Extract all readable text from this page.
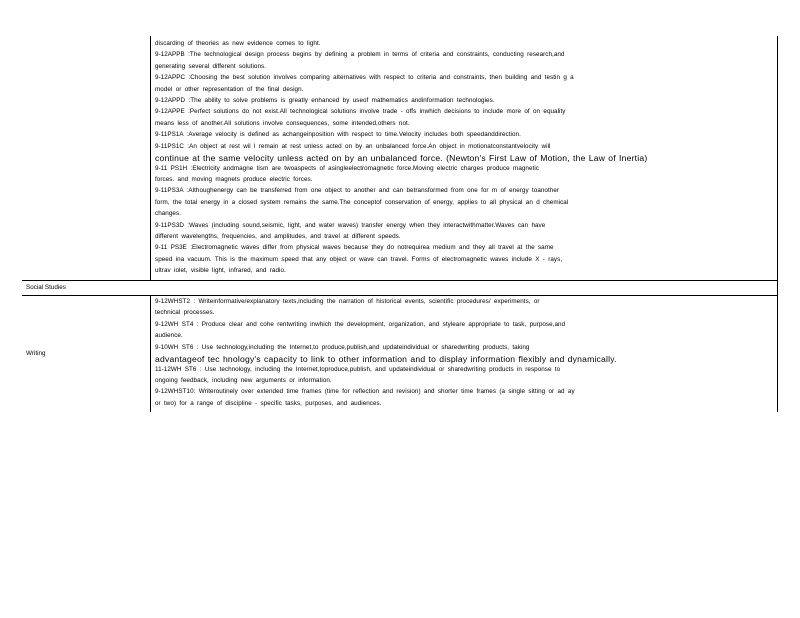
discarding of theories as new evidence comes to light.
9-12APPB :The technological design process begins by defining a problem in terms of criteria and constraints, conducting research,and
generating several different solutions.
9-12APPC :Choosing the best solution involves comparing alternatives with respect to criteria and constraints, then building and testin g a
model or other representation of the final design.
9-12APPD :The ability to solve problems is greatly enhanced by useof mathematics andinformation technologies.
9-12APPE :Perfect solutions do not exist.All technological solutions involve trade - offs inwhich decisions to include more of on equality
means less of another.All solutions involve consequences, some intended,others not.
9-11PS1A :Average velocity is defined as achangeinposition with respect to time.Velocity includes both speedanddirection.
9-11PS1C :An object at rest wil l remain at rest unless acted on by an unbalanced force.An object in motionatconstantvelocity will
continue at the same velocity unless acted on by an unbalanced force. (Newton's First Law of Motion, the Law of Inertia)
9-11 PS1H :Electricity andmagne tism are twoaspects of asingleelectromagnetic force.Moving electric charges produce magnetic
forces. and moving magnets produce electric forces.
9-11PS3A :Althoughenergy can be transferred from one object to another and can betransformed from one for m of energy toanother
form, the total energy in a closed system remains the same.The conceptof conservation of energy, applies to all physical an d chemical
changes.
9-11PS3D :Waves (including sound,seismic, light, and water waves) transfer energy when they interactwithmatter.Waves can have
different wavelengths, frequencies, and amplitudes, and travel at different speeds.
9-11 PS3E :Electromagnetic waves differ from physical waves because they do notrequirea medium and they all travel at the same
speed ina vacuum. This is the maximum speed that any object or wave can travel. Forms of electromagnetic waves include X - rays,
ultrav iolet, visible light, infrared, and radio.
Social Studies
Writing
9-12WHST2 : Writeinformative/explanatory texts,including the narration of historical events, scientific procedures/ experiments, or
technical processes.
9-12WH ST4 : Produce clear and cohe rentwriting inwhich the development, organization, and styleare appropriate to task, purpose,and
audience.
9-10WH ST6 : Use technology,including the Internet,to produce,publish,and updateindividual or sharedwriting products, taking
advantageof tec hnology's capacity to link to other information and to display information flexibly and dynamically.
11-12WH ST6 : Use technology, including the Internet,toproduce,publish, and updateindividual or sharedwriting products in response to
ongoing feedback, including new arguments or information.
9-12WHST10: Writeroutinely over extended time frames (time for reflection and revision) and shorter time frames (a single sitting or ad ay
or two) for a range of discipline - specific tasks, purposes, and audiences.
